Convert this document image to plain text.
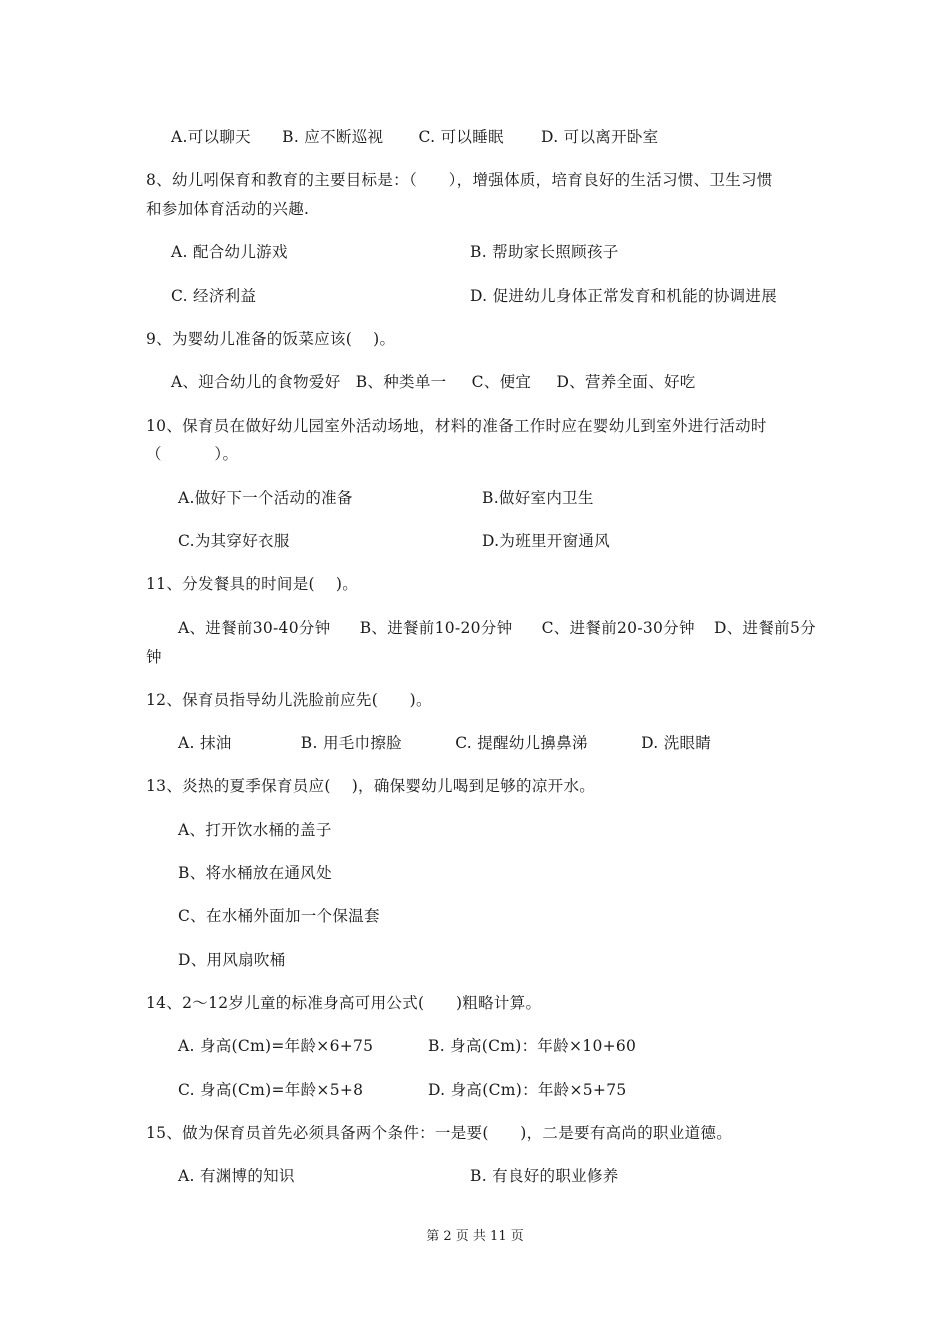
A.可以聊天 B. 应不断巡视 C. 可以睡眠 D. 可以离开卧室
8、幼儿吲保育和教育的主要目标是：（　　），增强体质，培育良好的生活习惯、卫生习惯
和参加体育活动的兴趣.
A. 配合幼儿游戏	B. 帮助家长照顾孩子
C. 经济利益	D. 促进幼儿身体正常发育和机能的协调进展
9、为婴幼儿准备的饭菜应该(　 )。
A、迎合幼儿的食物爱好 B、种类单一 C、便宜 D、营养全面、好吃
10、保育员在做好幼儿园室外活动场地，材料的准备工作时应在婴幼儿到室外进行活动时
（　　　 ）。
A.做好下一个活动的准备	B.做好室内卫生
C.为其穿好衣服	D.为班里开窗通风
11、分发餐具的时间是(　 )。
A、进餐前30-40分钟 B、进餐前10-20分钟 C、进餐前20-30分钟 D、进餐前5分
钟
12、保育员指导幼儿洗脸前应先(　　)。
A. 抹油	B. 用毛巾擦脸	C. 提醒幼儿擤鼻涕	D. 洗眼睛
13、炎热的夏季保育员应(　 )，确保婴幼儿喝到足够的凉开水。
A、打开饮水桶的盖子
B、将水桶放在通风处
C、在水桶外面加一个保温套
D、用风扇吹桶
14、2～12岁儿童的标准身高可用公式(　　)粗略计算。
A. 身高(Cm)=年龄×6+75	B. 身高(Cm)：年龄×10+60
C. 身高(Cm)=年龄×5+8	D. 身高(Cm)：年龄×5+75
15、做为保育员首先必须具备两个条件：一是要(　　)，二是要有高尚的职业道德。
A. 有渊博的知识	B. 有良好的职业修养
第 2 页 共 11 页
